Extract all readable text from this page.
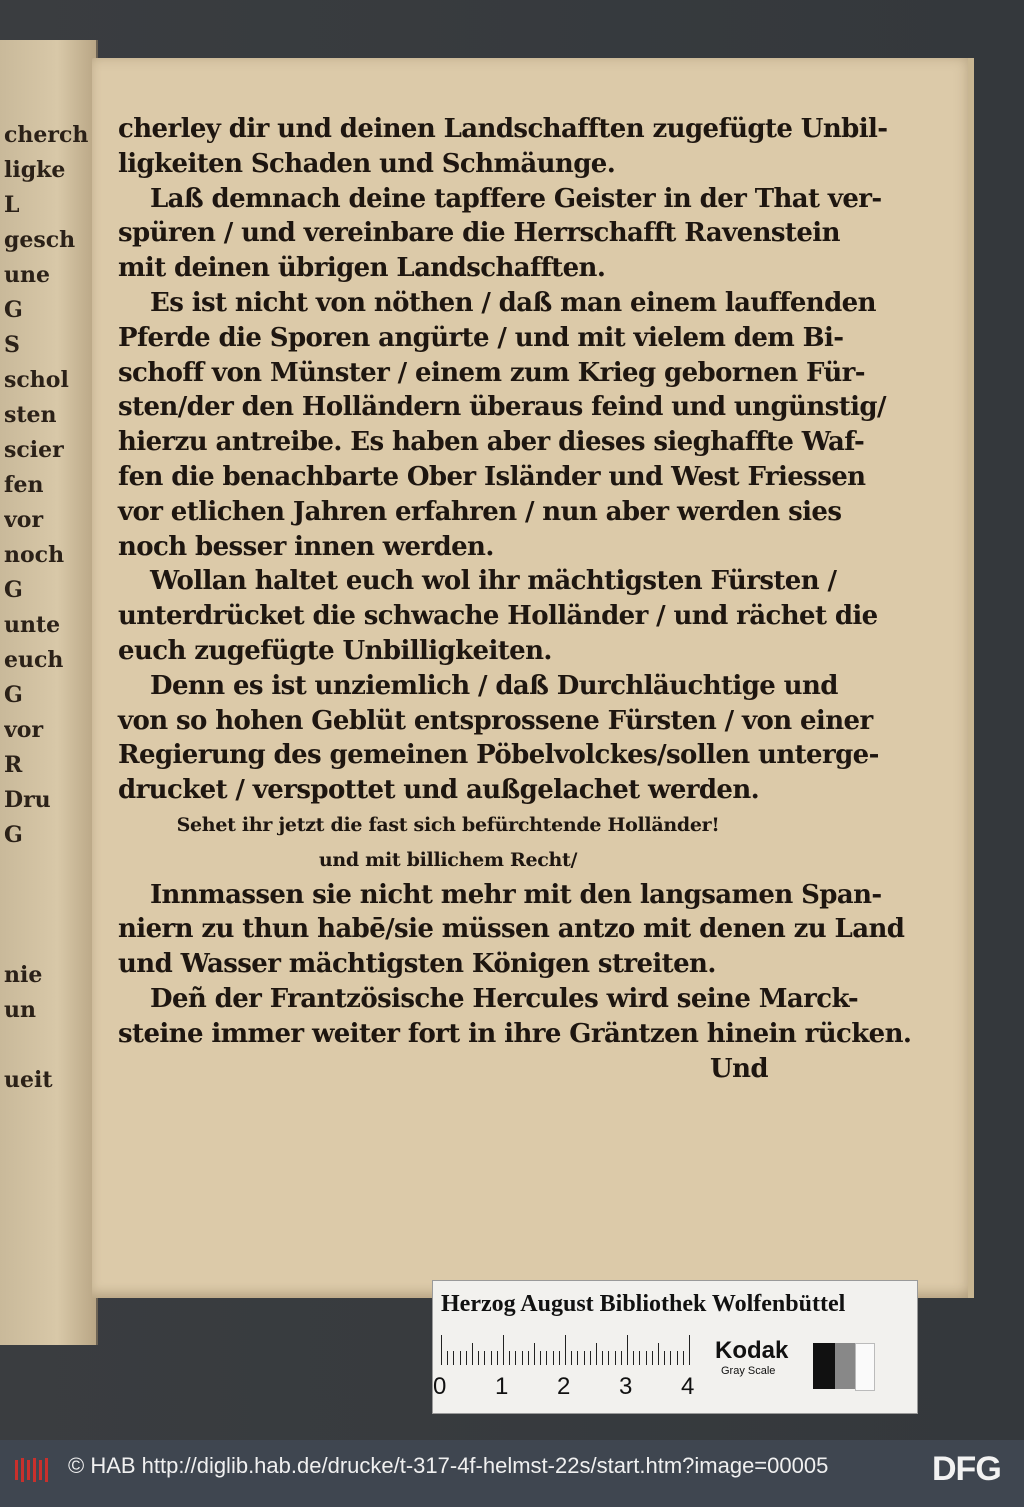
cherch
ligke
L
gesch
une
G
S
schol
sten
scier
fen
vor
noch
G
unte
euch
G
vor
R
Dru
G
nie
un
ueit
cherley dir und deinen Landschafften zugefügte Unbil-
ligkeiten Schaden und Schmäunge.
Laß demnach deine tapffere Geister in der That ver-
spüren / und vereinbare die Herrschafft Ravenstein
mit deinen übrigen Landschafften.
Es ist nicht von nöthen / daß man einem lauffenden
Pferde die Sporen angürte / und mit vielem dem Bi-
schoff von Münster / einem zum Krieg gebornen Für-
sten/der den Holländern überaus feind und ungünstig/
hierzu antreibe. Es haben aber dieses sieghaffte Waf-
fen die benachbarte Ober Isländer und West Friessen
vor etlichen Jahren erfahren / nun aber werden sies
noch besser innen werden.
Wollan haltet euch wol ihr mächtigsten Fürsten /
unterdrücket die schwache Holländer / und rächet die
euch zugefügte Unbilligkeiten.
Denn es ist unziemlich / daß Durchläuchtige und
von so hohen Geblüt entsprossene Fürsten / von einer
Regierung des gemeinen Pöbelvolckes/sollen unterge-
drucket / verspottet und außgelachet werden.
Sehet ihr jetzt die fast sich befürchtende Holländer!
und mit billichem Recht/
Innmassen sie nicht mehr mit den langsamen Span-
niern zu thun habē/sie müssen antzo mit denen zu Land
und Wasser mächtigsten Königen streiten.
Deñ der Frantzösische Hercules wird seine Marck-
steine immer weiter fort in ihre Gräntzen hinein rücken.
Und
Herzog August Bibliothek Wolfenbüttel
0 1 2 3 4
Kodak
Gray Scale
© HAB http://diglib.hab.de/drucke/t-317-4f-helmst-22s/start.htm?image=00005	DFG
